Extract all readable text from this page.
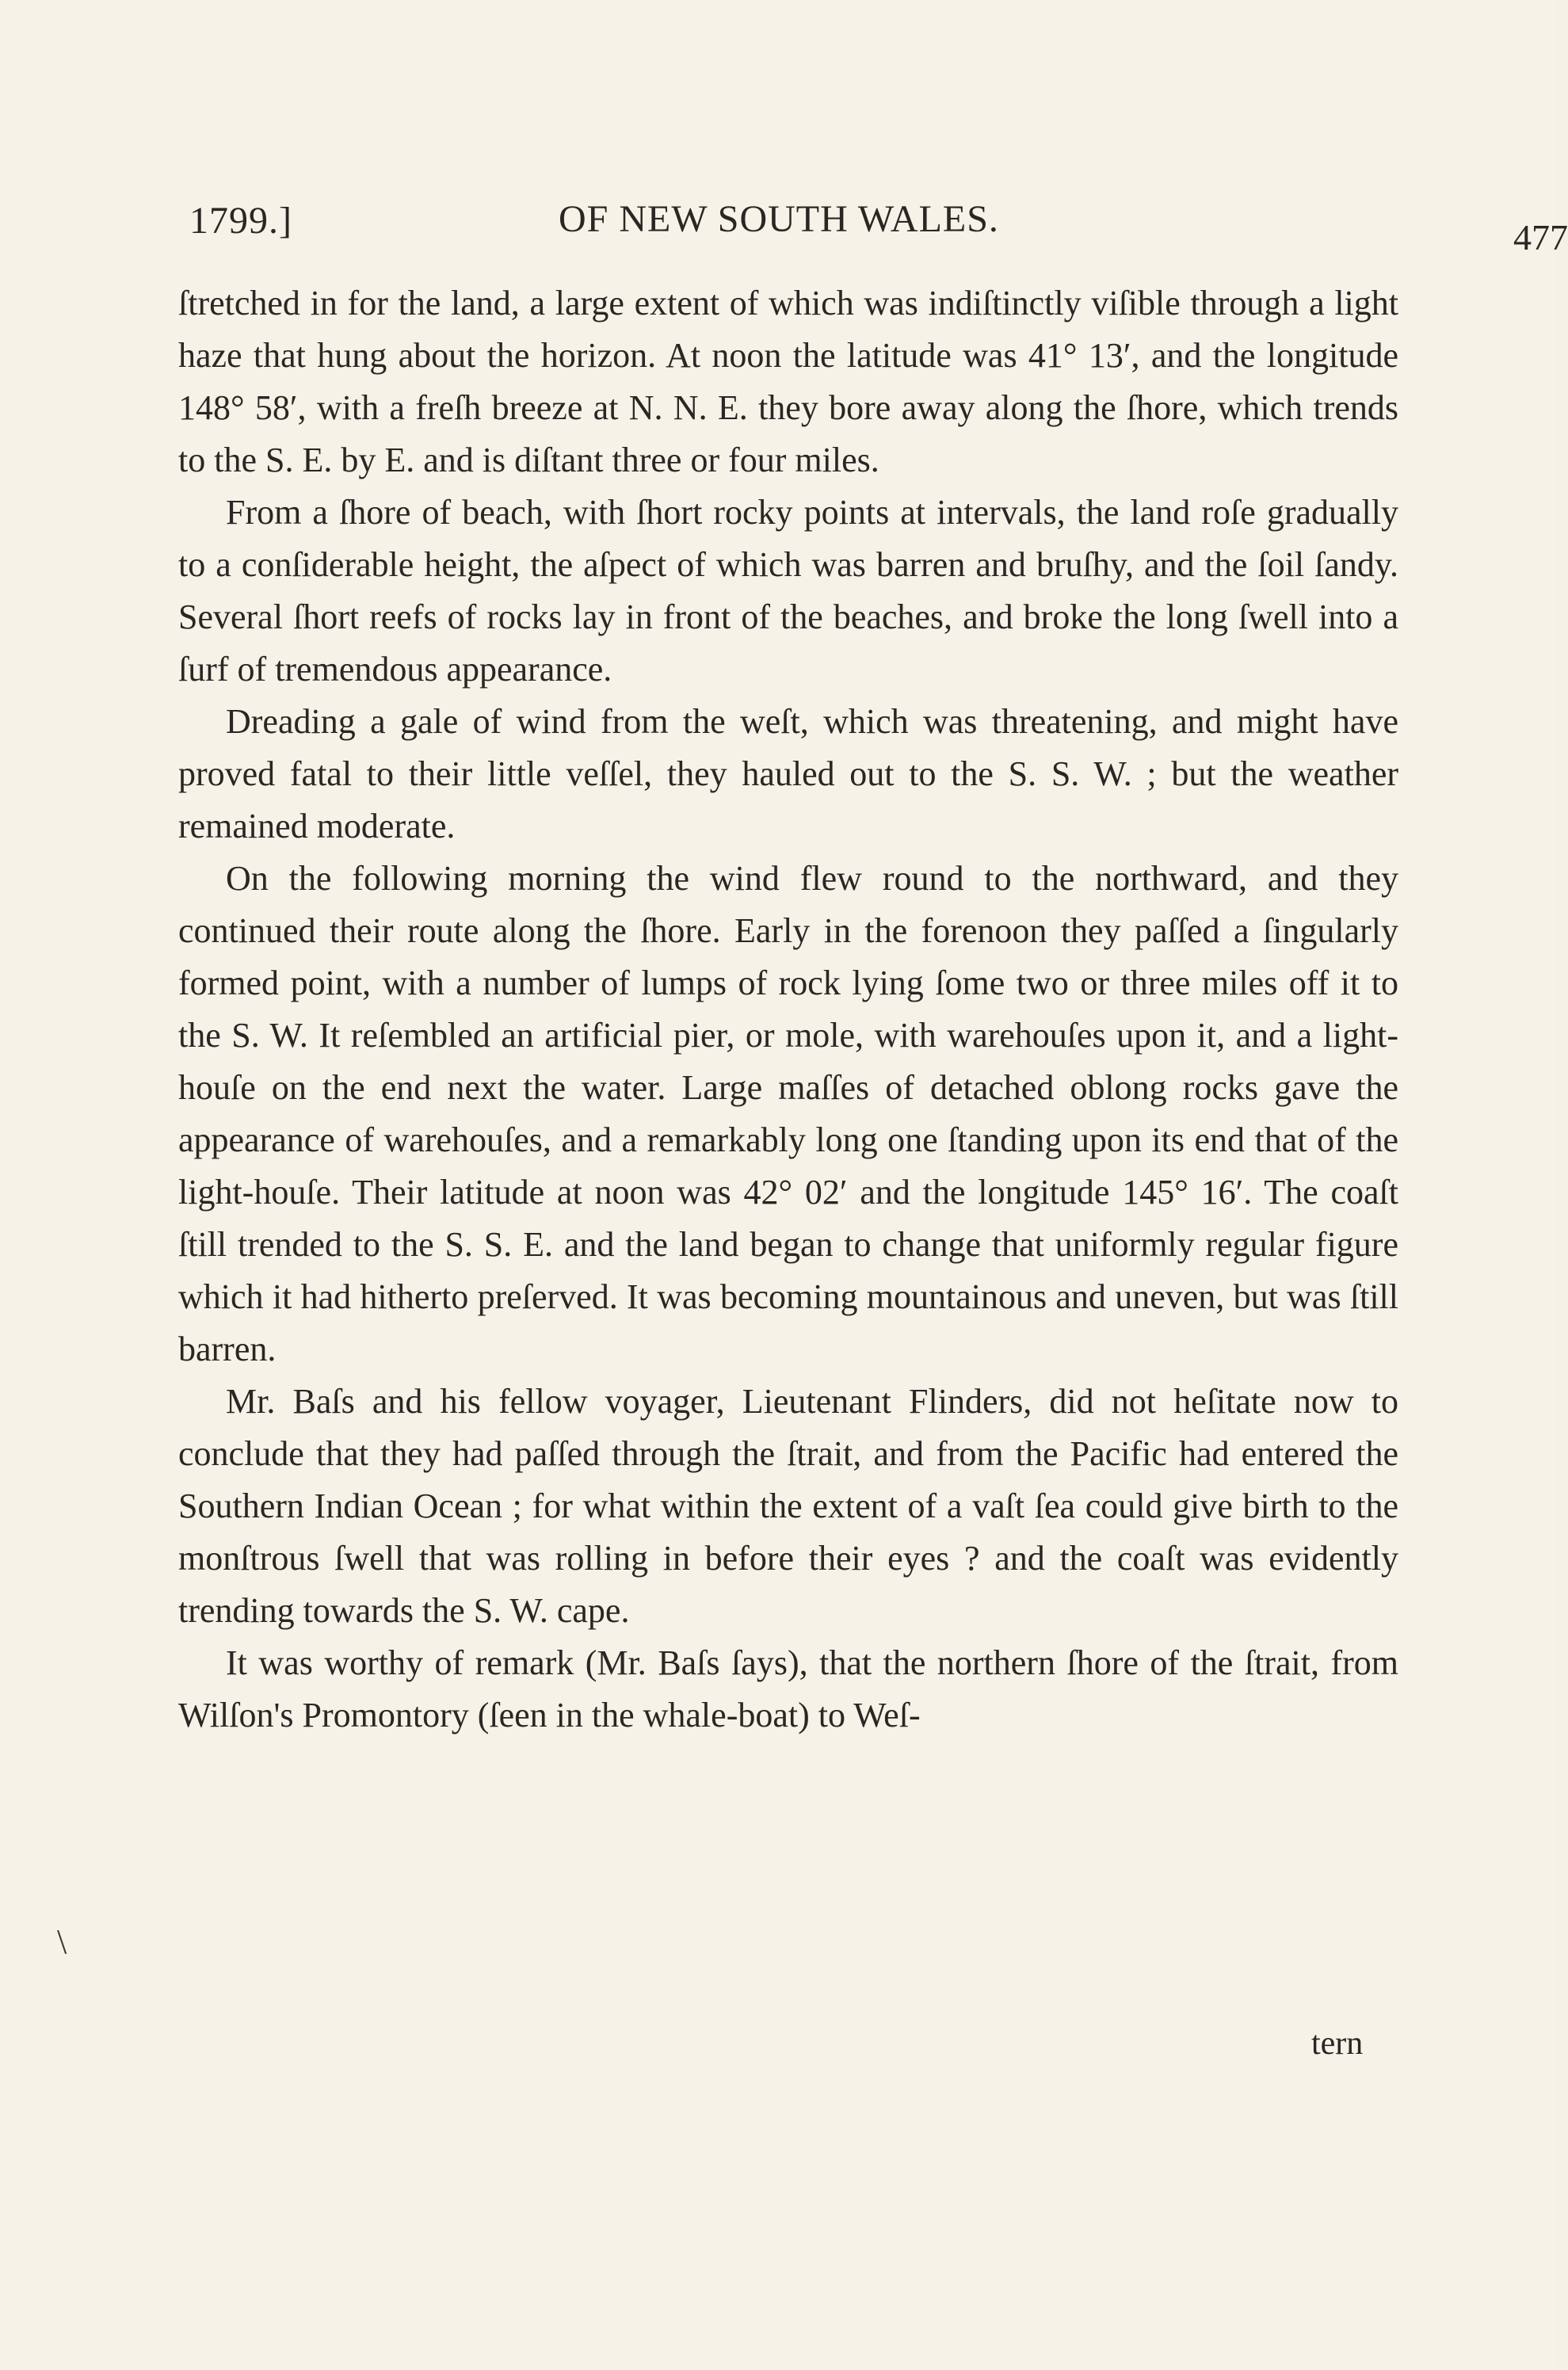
1799.]	OF NEW SOUTH WALES.	477

ſtretched in for the land, a large extent of which was indiſtinctly viſible through a light haze that hung about the horizon. At noon the latitude was 41° 13′, and the longitude 148° 58′, with a freſh breeze at N. N. E. they bore away along the ſhore, which trends to the S. E. by E. and is diſtant three or four miles.

From a ſhore of beach, with ſhort rocky points at intervals, the land roſe gradually to a conſiderable height, the aſpect of which was barren and bruſhy, and the ſoil ſandy. Several ſhort reefs of rocks lay in front of the beaches, and broke the long ſwell into a ſurf of tremendous appearance.

Dreading a gale of wind from the weſt, which was threatening, and might have proved fatal to their little veſſel, they hauled out to the S. S. W. ; but the weather remained moderate.

On the following morning the wind flew round to the northward, and they continued their route along the ſhore. Early in the forenoon they paſſed a ſingularly formed point, with a number of lumps of rock lying ſome two or three miles off it to the S. W. It reſembled an artificial pier, or mole, with warehouſes upon it, and a light-houſe on the end next the water. Large maſſes of detached oblong rocks gave the appearance of warehouſes, and a remarkably long one ſtanding upon its end that of the light-houſe. Their latitude at noon was 42° 02′ and the longitude 145° 16′. The coaſt ſtill trended to the S. S. E. and the land began to change that uniformly regular figure which it had hitherto preſerved. It was becoming mountainous and uneven, but was ſtill barren.

Mr. Baſs and his fellow voyager, Lieutenant Flinders, did not heſitate now to conclude that they had paſſed through the ſtrait, and from the Pacific had entered the Southern Indian Ocean ; for what within the extent of a vaſt ſea could give birth to the monſtrous ſwell that was rolling in before their eyes ? and the coaſt was evidently trending towards the S. W. cape.

It was worthy of remark (Mr. Baſs ſays), that the northern ſhore of the ſtrait, from Wilſon's Promontory (ſeen in the whale-boat) to Weſ-

\
tern
